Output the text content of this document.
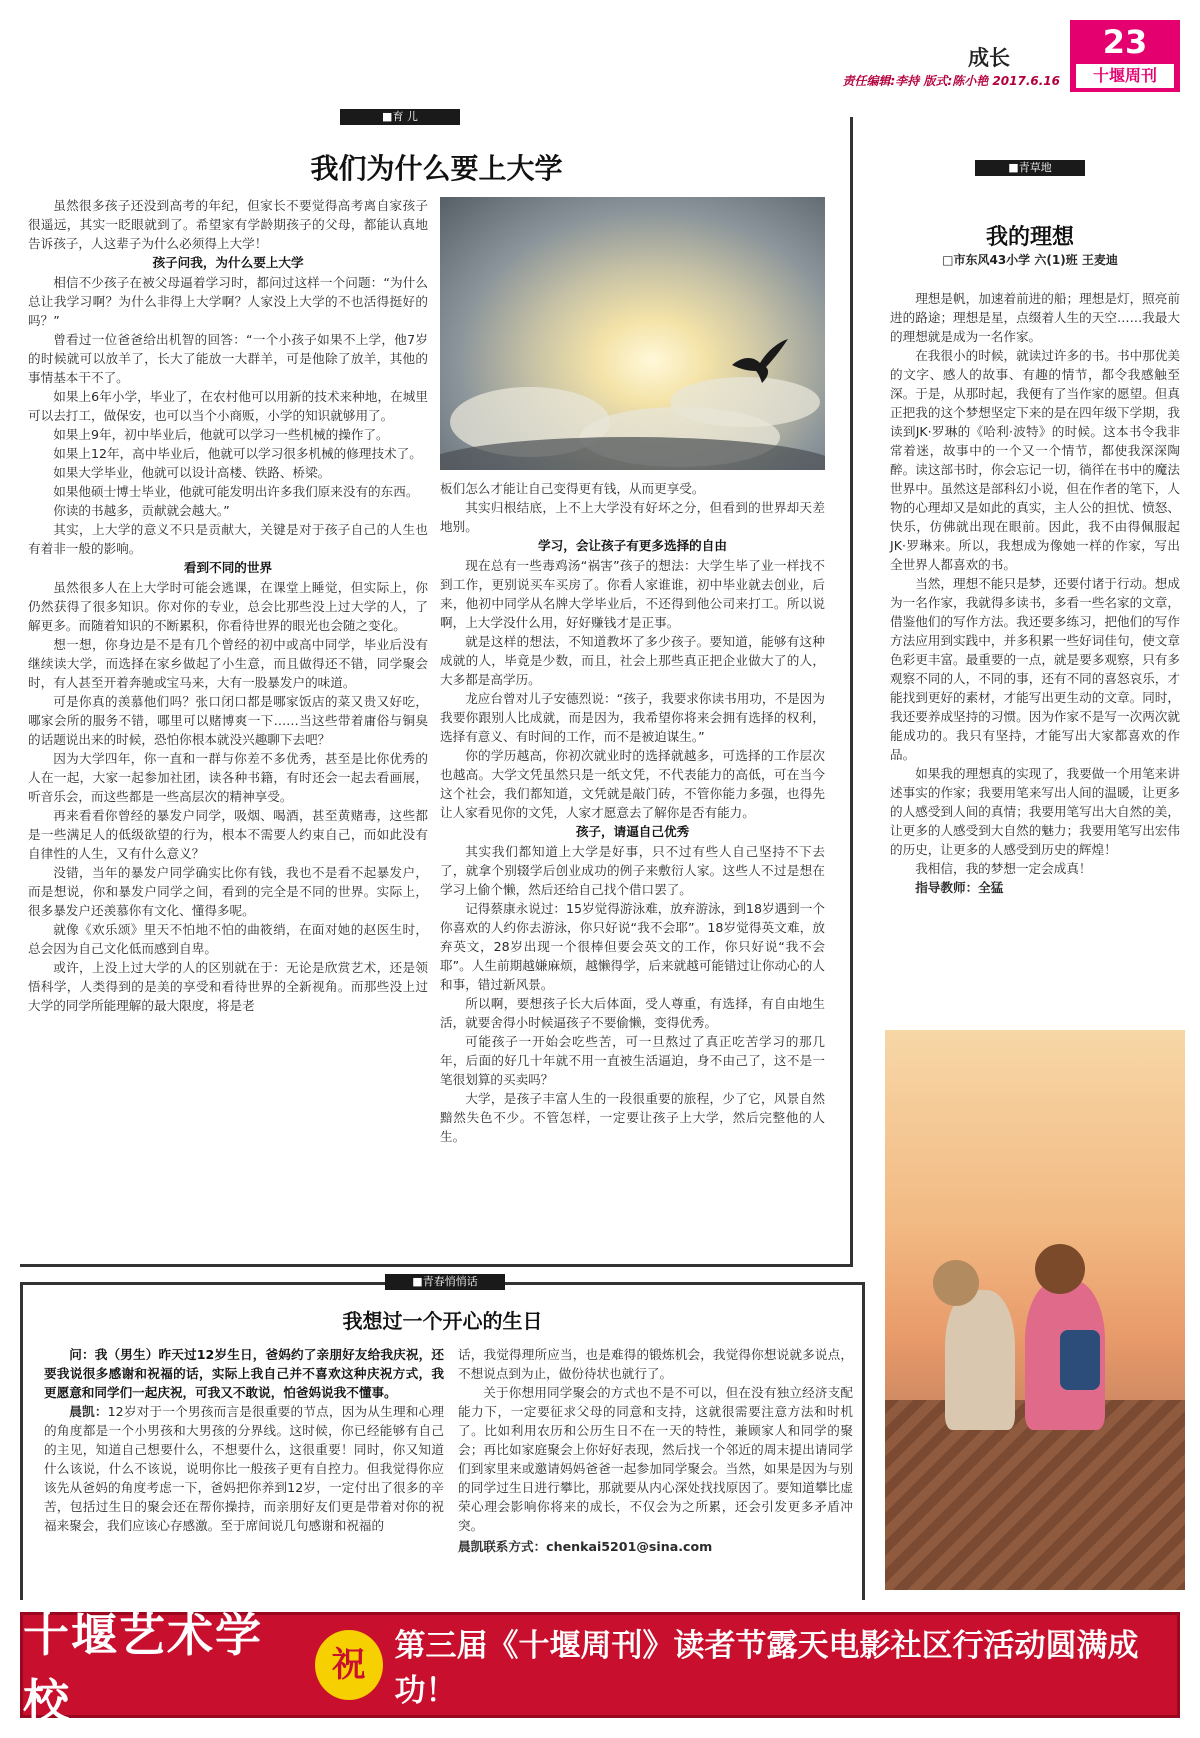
成长
责任编辑:李持 版式:陈小艳 2017.6.16
23
十堰周刊
■育 儿
我们为什么要上大学

虽然很多孩子还没到高考的年纪，但家长不要觉得高考离自家孩子很遥远，其实一眨眼就到了。希望家有学龄期孩子的父母，都能认真地告诉孩子，人这辈子为什么必须得上大学！

孩子问我，为什么要上大学

相信不少孩子在被父母逼着学习时，都问过这样一个问题：“为什么总让我学习啊？为什么非得上大学啊？人家没上大学的不也活得挺好的吗？”

曾看过一位爸爸给出机智的回答：“一个小孩子如果不上学，他7岁的时候就可以放羊了，长大了能放一大群羊，可是他除了放羊，其他的事情基本干不了。

如果上6年小学，毕业了，在农村他可以用新的技术来种地，在城里可以去打工，做保安，也可以当个小商贩，小学的知识就够用了。

如果上9年，初中毕业后，他就可以学习一些机械的操作了。

如果上12年，高中毕业后，他就可以学习很多机械的修理技术了。

如果大学毕业，他就可以设计高楼、铁路、桥梁。

如果他硕士博士毕业，他就可能发明出许多我们原来没有的东西。

你读的书越多，贡献就会越大。”

其实，上大学的意义不只是贡献大，关键是对于孩子自己的人生也有着非一般的影响。

看到不同的世界

虽然很多人在上大学时可能会逃课，在课堂上睡觉，但实际上，你仍然获得了很多知识。你对你的专业，总会比那些没上过大学的人，了解更多。而随着知识的不断累积，你看待世界的眼光也会随之变化。

想一想，你身边是不是有几个曾经的初中或高中同学，毕业后没有继续读大学，而选择在家乡做起了小生意，而且做得还不错，同学聚会时，有人甚至开着奔驰或宝马来，大有一股暴发户的味道。

可是你真的羡慕他们吗？张口闭口都是哪家饭店的菜又贵又好吃，哪家会所的服务不错，哪里可以赌博爽一下……当这些带着庸俗与铜臭的话题说出来的时候，恐怕你根本就没兴趣聊下去吧？

因为大学四年，你一直和一群与你差不多优秀，甚至是比你优秀的人在一起，大家一起参加社团，读各种书籍，有时还会一起去看画展，听音乐会，而这些都是一些高层次的精神享受。

再来看看你曾经的暴发户同学，吸烟、喝酒，甚至黄赌毒，这些都是一些满足人的低级欲望的行为，根本不需要人约束自己，而如此没有自律性的人生，又有什么意义？

没错，当年的暴发户同学确实比你有钱，我也不是看不起暴发户，而是想说，你和暴发户同学之间，看到的完全是不同的世界。实际上，很多暴发户还羡慕你有文化、懂得多呢。

就像《欢乐颂》里天不怕地不怕的曲筱绡，在面对她的赵医生时，总会因为自己文化低而感到自卑。

或许，上没上过大学的人的区别就在于：无论是欣赏艺术，还是领悟科学，人类得到的是美的享受和看待世界的全新视角。而那些没上过大学的同学所能理解的最大限度，将是老

板们怎么才能让自己变得更有钱，从而更享受。

其实归根结底，上不上大学没有好坏之分，但看到的世界却天差地别。

学习，会让孩子有更多选择的自由

现在总有一些毒鸡汤“祸害”孩子的想法：大学生毕了业一样找不到工作，更别说买车买房了。你看人家谁谁，初中毕业就去创业，后来，他初中同学从名牌大学毕业后，不还得到他公司来打工。所以说啊，上大学没什么用，好好赚钱才是正事。

就是这样的想法，不知道教坏了多少孩子。要知道，能够有这种成就的人，毕竟是少数，而且，社会上那些真正把企业做大了的人，大多都是高学历。

龙应台曾对儿子安德烈说：“孩子，我要求你读书用功，不是因为我要你跟别人比成就，而是因为，我希望你将来会拥有选择的权利，选择有意义、有时间的工作，而不是被迫谋生。”

你的学历越高，你初次就业时的选择就越多，可选择的工作层次也越高。大学文凭虽然只是一纸文凭，不代表能力的高低，可在当今这个社会，我们都知道，文凭就是敲门砖，不管你能力多强，也得先让人家看见你的文凭，人家才愿意去了解你是否有能力。

孩子，请逼自己优秀

其实我们都知道上大学是好事，只不过有些人自己坚持不下去了，就拿个别辍学后创业成功的例子来敷衍人家。这些人不过是想在学习上偷个懒，然后还给自己找个借口罢了。

记得蔡康永说过：15岁觉得游泳难，放弃游泳，到18岁遇到一个你喜欢的人约你去游泳，你只好说“我不会耶”。18岁觉得英文难，放弃英文，28岁出现一个很棒但要会英文的工作，你只好说“我不会耶”。人生前期越嫌麻烦，越懒得学，后来就越可能错过让你动心的人和事，错过新风景。

所以啊，要想孩子长大后体面，受人尊重，有选择，有自由地生活，就要舍得小时候逼孩子不要偷懒，变得优秀。

可能孩子一开始会吃些苦，可一旦熬过了真正吃苦学习的那几年，后面的好几十年就不用一直被生活逼迫，身不由己了，这不是一笔很划算的买卖吗？

大学，是孩子丰富人生的一段很重要的旅程，少了它，风景自然黯然失色不少。不管怎样，一定要让孩子上大学，然后完整他的人生。

■青草地
我的理想
□市东风43小学 六(1)班 王麦迪

理想是帆，加速着前进的船；理想是灯，照亮前进的路途；理想是星，点缀着人生的天空……我最大的理想就是成为一名作家。

在我很小的时候，就读过许多的书。书中那优美的文字、感人的故事、有趣的情节，都令我感触至深。于是，从那时起，我便有了当作家的愿望。但真正把我的这个梦想坚定下来的是在四年级下学期，我读到JK·罗琳的《哈利·波特》的时候。这本书令我非常着迷，故事中的一个又一个情节，都使我深深陶醉。读这部书时，你会忘记一切，徜徉在书中的魔法世界中。虽然这是部科幻小说，但在作者的笔下，人物的心理却又是如此的真实，主人公的担忧、愤怒、快乐，仿佛就出现在眼前。因此，我不由得佩服起JK·罗琳来。所以，我想成为像她一样的作家，写出全世界人都喜欢的书。

当然，理想不能只是梦，还要付诸于行动。想成为一名作家，我就得多读书，多看一些名家的文章，借鉴他们的写作方法。我还要多练习，把他们的写作方法应用到实践中，并多积累一些好词佳句，使文章色彩更丰富。最重要的一点，就是要多观察，只有多观察不同的人，不同的事，还有不同的喜怒哀乐，才能找到更好的素材，才能写出更生动的文章。同时，我还要养成坚持的习惯。因为作家不是写一次两次就能成功的。我只有坚持，才能写出大家都喜欢的作品。

如果我的理想真的实现了，我要做一个用笔来讲述事实的作家；我要用笔来写出人间的温暖，让更多的人感受到人间的真情；我要用笔写出大自然的美，让更多的人感受到大自然的魅力；我要用笔写出宏伟的历史，让更多的人感受到历史的辉煌！

我相信，我的梦想一定会成真！

指导教师：全猛

■青春悄悄话
我想过一个开心的生日

问：我（男生）昨天过12岁生日，爸妈约了亲朋好友给我庆祝，还要我说很多感谢和祝福的话，实际上我自己并不喜欢这种庆祝方式，我更愿意和同学们一起庆祝，可我又不敢说，怕爸妈说我不懂事。

晨凯：12岁对于一个男孩而言是很重要的节点，因为从生理和心理的角度都是一个小男孩和大男孩的分界线。这时候，你已经能够有自己的主见，知道自己想要什么，不想要什么，这很重要！同时，你又知道什么该说，什么不该说，说明你比一般孩子更有自控力。但我觉得你应该先从爸妈的角度考虑一下，爸妈把你养到12岁，一定付出了很多的辛苦，包括过生日的聚会还在帮你操持，而亲朋好友们更是带着对你的祝福来聚会，我们应该心存感激。至于席间说几句感谢和祝福的

话，我觉得理所应当，也是难得的锻炼机会，我觉得你想说就多说点，不想说点到为止，做份待状也就行了。

关于你想用同学聚会的方式也不是不可以，但在没有独立经济支配能力下，一定要征求父母的同意和支持，这就很需要注意方法和时机了。比如利用农历和公历生日不在一天的特性，兼顾家人和同学的聚会；再比如家庭聚会上你好好表现，然后找一个邻近的周末提出请同学们到家里来或邀请妈妈爸爸一起参加同学聚会。当然，如果是因为与别的同学过生日进行攀比，那就要从内心深处找找原因了。要知道攀比虚荣心理会影响你将来的成长，不仅会为之所累，还会引发更多矛盾冲突。

晨凯联系方式：chenkai5201@sina.com

十堰艺术学校
祝 第三届《十堰周刊》读者节露天电影社区行活动圆满成功！
